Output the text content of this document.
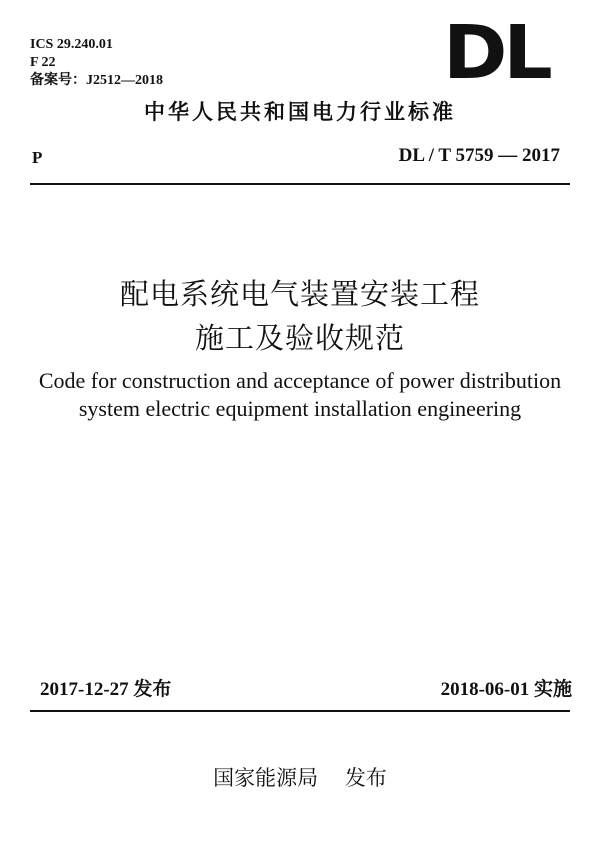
ICS 29.240.01
F 22
备案号：J2512—2018	DL
中华人民共和国电力行业标准
P	DL / T 5759 — 2017
配电系统电气装置安装工程
施工及验收规范
Code for construction and acceptance of power distribution
system electric equipment installation engineering
2017-12-27 发布	2018-06-01 实施
国家能源局    发布
